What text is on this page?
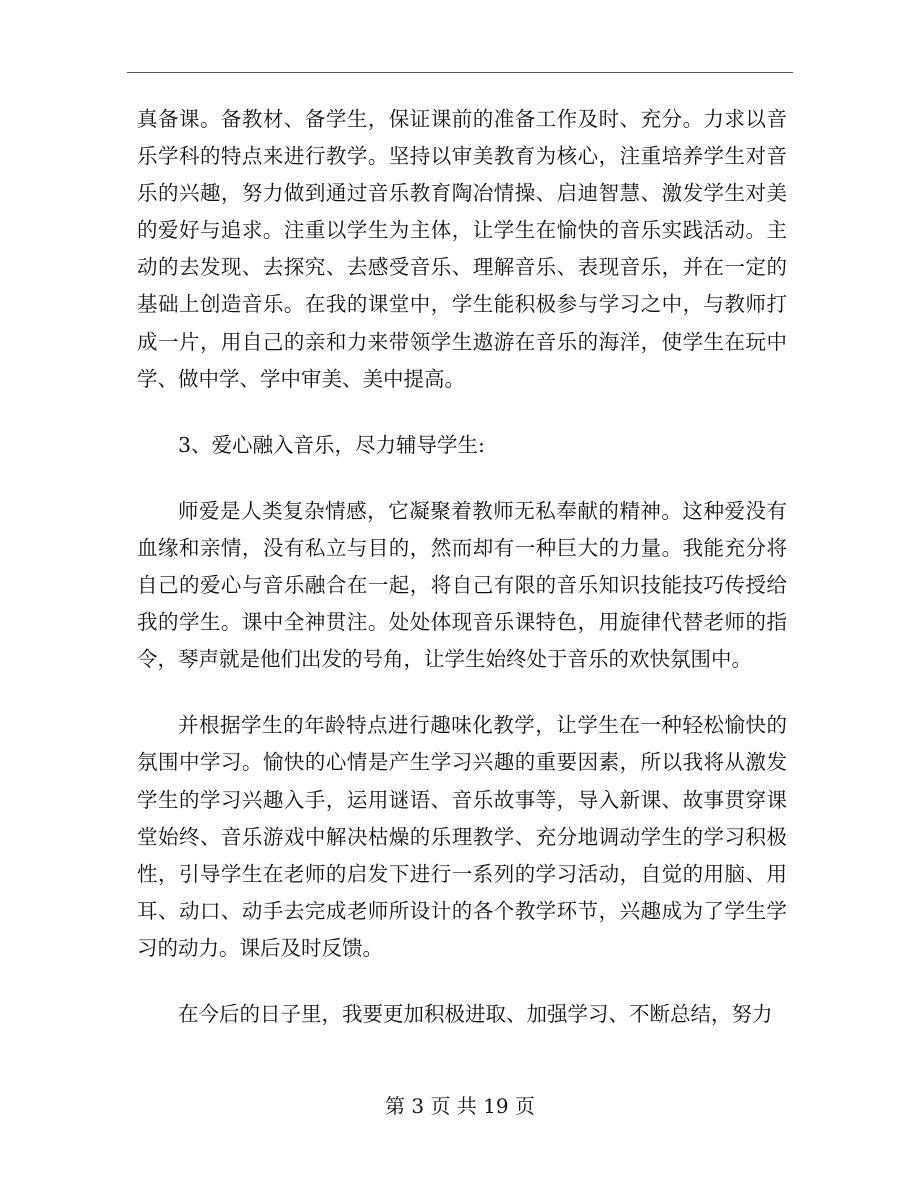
真备课。备教材、备学生，保证课前的准备工作及时、充分。力求以音乐学科的特点来进行教学。坚持以审美教育为核心，注重培养学生对音乐的兴趣，努力做到通过音乐教育陶冶情操、启迪智慧、激发学生对美的爱好与追求。注重以学生为主体，让学生在愉快的音乐实践活动。主动的去发现、去探究、去感受音乐、理解音乐、表现音乐，并在一定的基础上创造音乐。在我的课堂中，学生能积极参与学习之中，与教师打成一片，用自己的亲和力来带领学生遨游在音乐的海洋，使学生在玩中学、做中学、学中审美、美中提高。

3、爱心融入音乐，尽力辅导学生:

师爱是人类复杂情感，它凝聚着教师无私奉献的精神。这种爱没有血缘和亲情，没有私立与目的，然而却有一种巨大的力量。我能充分将自己的爱心与音乐融合在一起，将自己有限的音乐知识技能技巧传授给我的学生。课中全神贯注。处处体现音乐课特色，用旋律代替老师的指令，琴声就是他们出发的号角，让学生始终处于音乐的欢快氛围中。

并根据学生的年龄特点进行趣味化教学，让学生在一种轻松愉快的氛围中学习。愉快的心情是产生学习兴趣的重要因素，所以我将从激发学生的学习兴趣入手，运用谜语、音乐故事等，导入新课、故事贯穿课堂始终、音乐游戏中解决枯燥的乐理教学、充分地调动学生的学习积极性，引导学生在老师的启发下进行一系列的学习活动，自觉的用脑、用耳、动口、动手去完成老师所设计的各个教学环节，兴趣成为了学生学习的动力。课后及时反馈。

在今后的日子里，我要更加积极进取、加强学习、不断总结，努力

第 3 页 共 19 页
